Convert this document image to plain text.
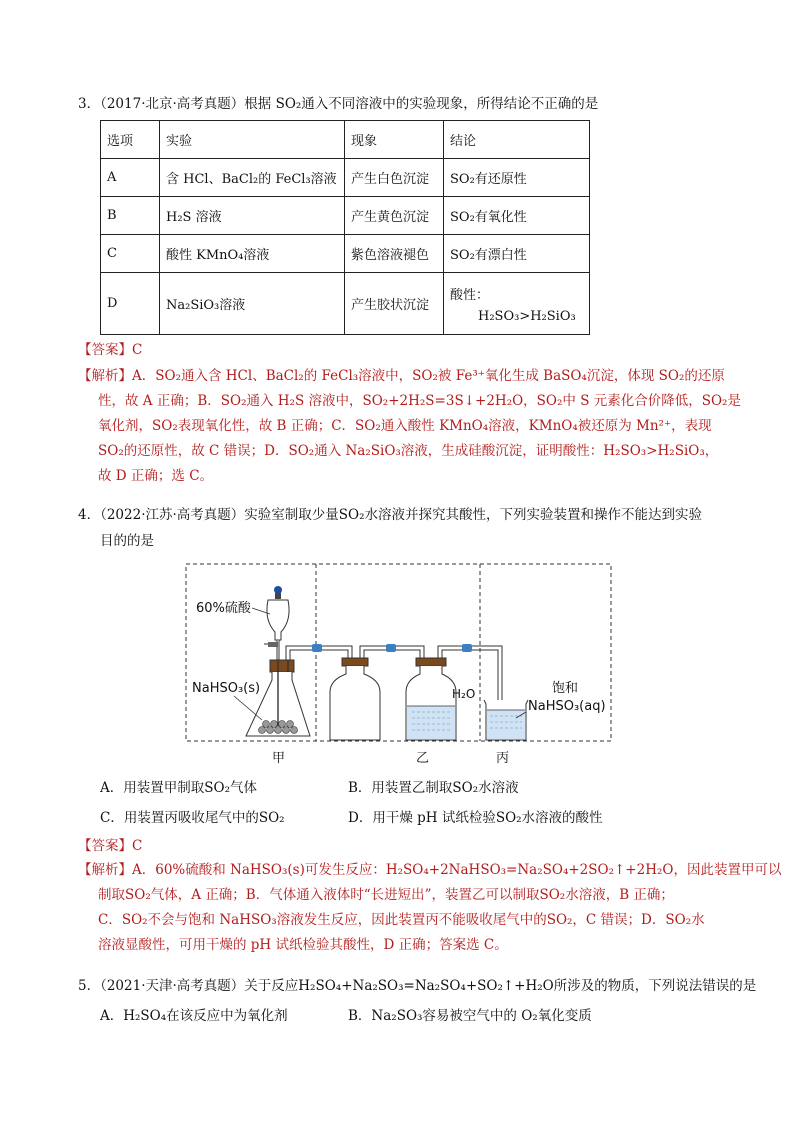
3．（2017·北京·高考真题）根据 SO₂通入不同溶液中的实验现象，所得结论不正确的是
选项	实验	现象	结论
A	含 HCl、BaCl₂的 FeCl₃溶液	产生白色沉淀	SO₂有还原性
B	H₂S 溶液	产生黄色沉淀	SO₂有氧化性
C	酸性 KMnO₄溶液	紫色溶液褪色	SO₂有漂白性
D	Na₂SiO₃溶液	产生胶状沉淀	酸性：
H₂SO₃>H₂SiO₃
【答案】C
【解析】A．SO₂通入含 HCl、BaCl₂的 FeCl₃溶液中，SO₂被 Fe³⁺氧化生成 BaSO₄沉淀，体现 SO₂的还原
性，故 A 正确；B．SO₂通入 H₂S 溶液中，SO₂+2H₂S=3S↓+2H₂O，SO₂中 S 元素化合价降低，SO₂是
氧化剂，SO₂表现氧化性，故 B 正确；C．SO₂通入酸性 KMnO₄溶液，KMnO₄被还原为 Mn²⁺，表现
SO₂的还原性，故 C 错误；D．SO₂通入 Na₂SiO₃溶液，生成硅酸沉淀，证明酸性：H₂SO₃>H₂SiO₃，
故 D 正确；选 C。
4．（2022·江苏·高考真题）实验室制取少量SO₂水溶液并探究其酸性，下列实验装置和操作不能达到实验
目的的是
60%硫酸
NaHSO₃(s)	H₂O	饱和
NaHSO₃(aq)
甲	乙	丙
A．用装置甲制取SO₂气体	B．用装置乙制取SO₂水溶液
C．用装置丙吸收尾气中的SO₂	D．用干燥 pH 试纸检验SO₂水溶液的酸性
【答案】C
【解析】A．60%硫酸和 NaHSO₃(s)可发生反应：H₂SO₄+2NaHSO₃=Na₂SO₄+2SO₂↑+2H₂O，因此装置甲可以
制取SO₂气体，A 正确；B．气体通入液体时“长进短出”，装置乙可以制取SO₂水溶液，B 正确；
C．SO₂不会与饱和 NaHSO₃溶液发生反应，因此装置丙不能吸收尾气中的SO₂，C 错误；D．SO₂水
溶液显酸性，可用干燥的 pH 试纸检验其酸性，D 正确；答案选 C。
5．（2021·天津·高考真题）关于反应H₂SO₄+Na₂SO₃=Na₂SO₄+SO₂↑+H₂O所涉及的物质，下列说法错误的是
A．H₂SO₄在该反应中为氧化剂	B．Na₂SO₃容易被空气中的 O₂氧化变质
